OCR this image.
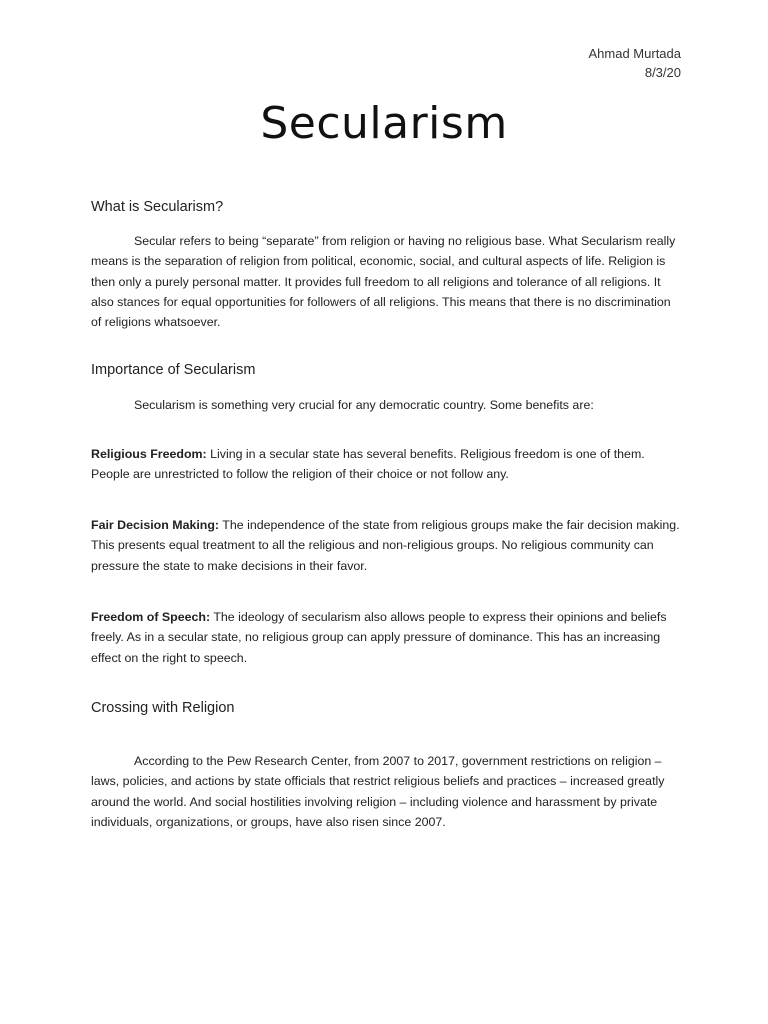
Ahmad Murtada
8/3/20
Secularism
What is Secularism?

Secular refers to being “separate” from religion or having no religious base. What Secularism really means is the separation of religion from political, economic, social, and cultural aspects of life. Religion is then only a purely personal matter. It provides full freedom to all religions and tolerance of all religions. It also stances for equal opportunities for followers of all religions. This means that there is no discrimination of religions whatsoever.

Importance of Secularism

Secularism is something very crucial for any democratic country. Some benefits are:

Religious Freedom: Living in a secular state has several benefits. Religious freedom is one of them. People are unrestricted to follow the religion of their choice or not follow any.

Fair Decision Making: The independence of the state from religious groups make the fair decision making. This presents equal treatment to all the religious and non-religious groups. No religious community can pressure the state to make decisions in their favor.

Freedom of Speech: The ideology of secularism also allows people to express their opinions and beliefs freely. As in a secular state, no religious group can apply pressure of dominance. This has an increasing effect on the right to speech.

Crossing with Religion

According to the Pew Research Center, from 2007 to 2017, government restrictions on religion – laws, policies, and actions by state officials that restrict religious beliefs and practices – increased greatly around the world. And social hostilities involving religion – including violence and harassment by private individuals, organizations, or groups, have also risen since 2007.
